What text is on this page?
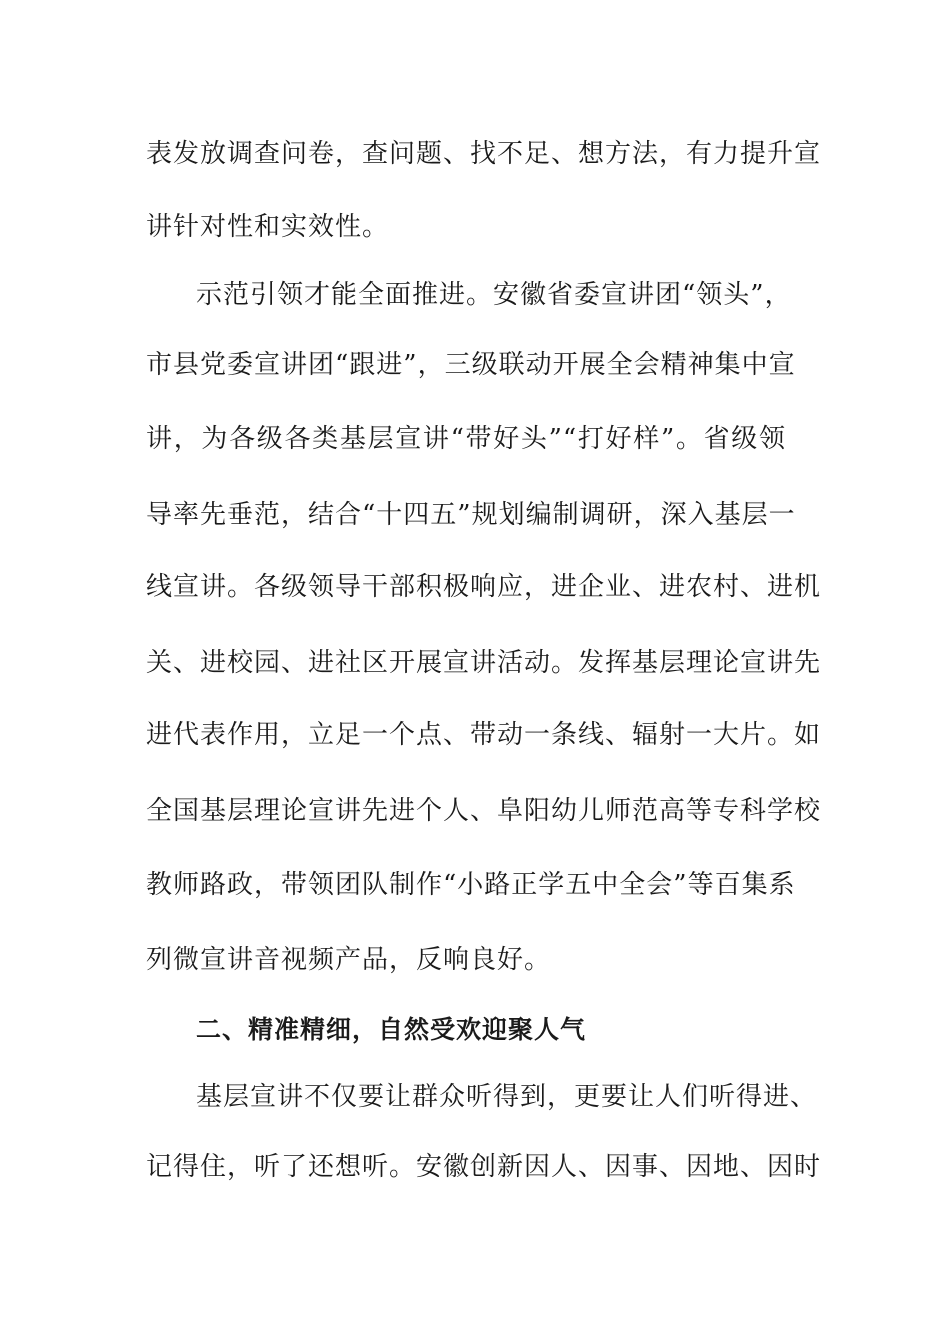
表发放调查问卷，查问题、找不足、想方法，有力提升宣
讲针对性和实效性。
示范引领才能全面推进。安徽省委宣讲团“领头”，
市县党委宣讲团“跟进”，三级联动开展全会精神集中宣
讲，为各级各类基层宣讲“带好头”“打好样”。省级领
导率先垂范，结合“十四五”规划编制调研，深入基层一
线宣讲。各级领导干部积极响应，进企业、进农村、进机
关、进校园、进社区开展宣讲活动。发挥基层理论宣讲先
进代表作用，立足一个点、带动一条线、辐射一大片。如
全国基层理论宣讲先进个人、阜阳幼儿师范高等专科学校
教师路政，带领团队制作“小路正学五中全会”等百集系
列微宣讲音视频产品，反响良好。
二、精准精细，自然受欢迎聚人气
基层宣讲不仅要让群众听得到，更要让人们听得进、
记得住，听了还想听。安徽创新因人、因事、因地、因时
